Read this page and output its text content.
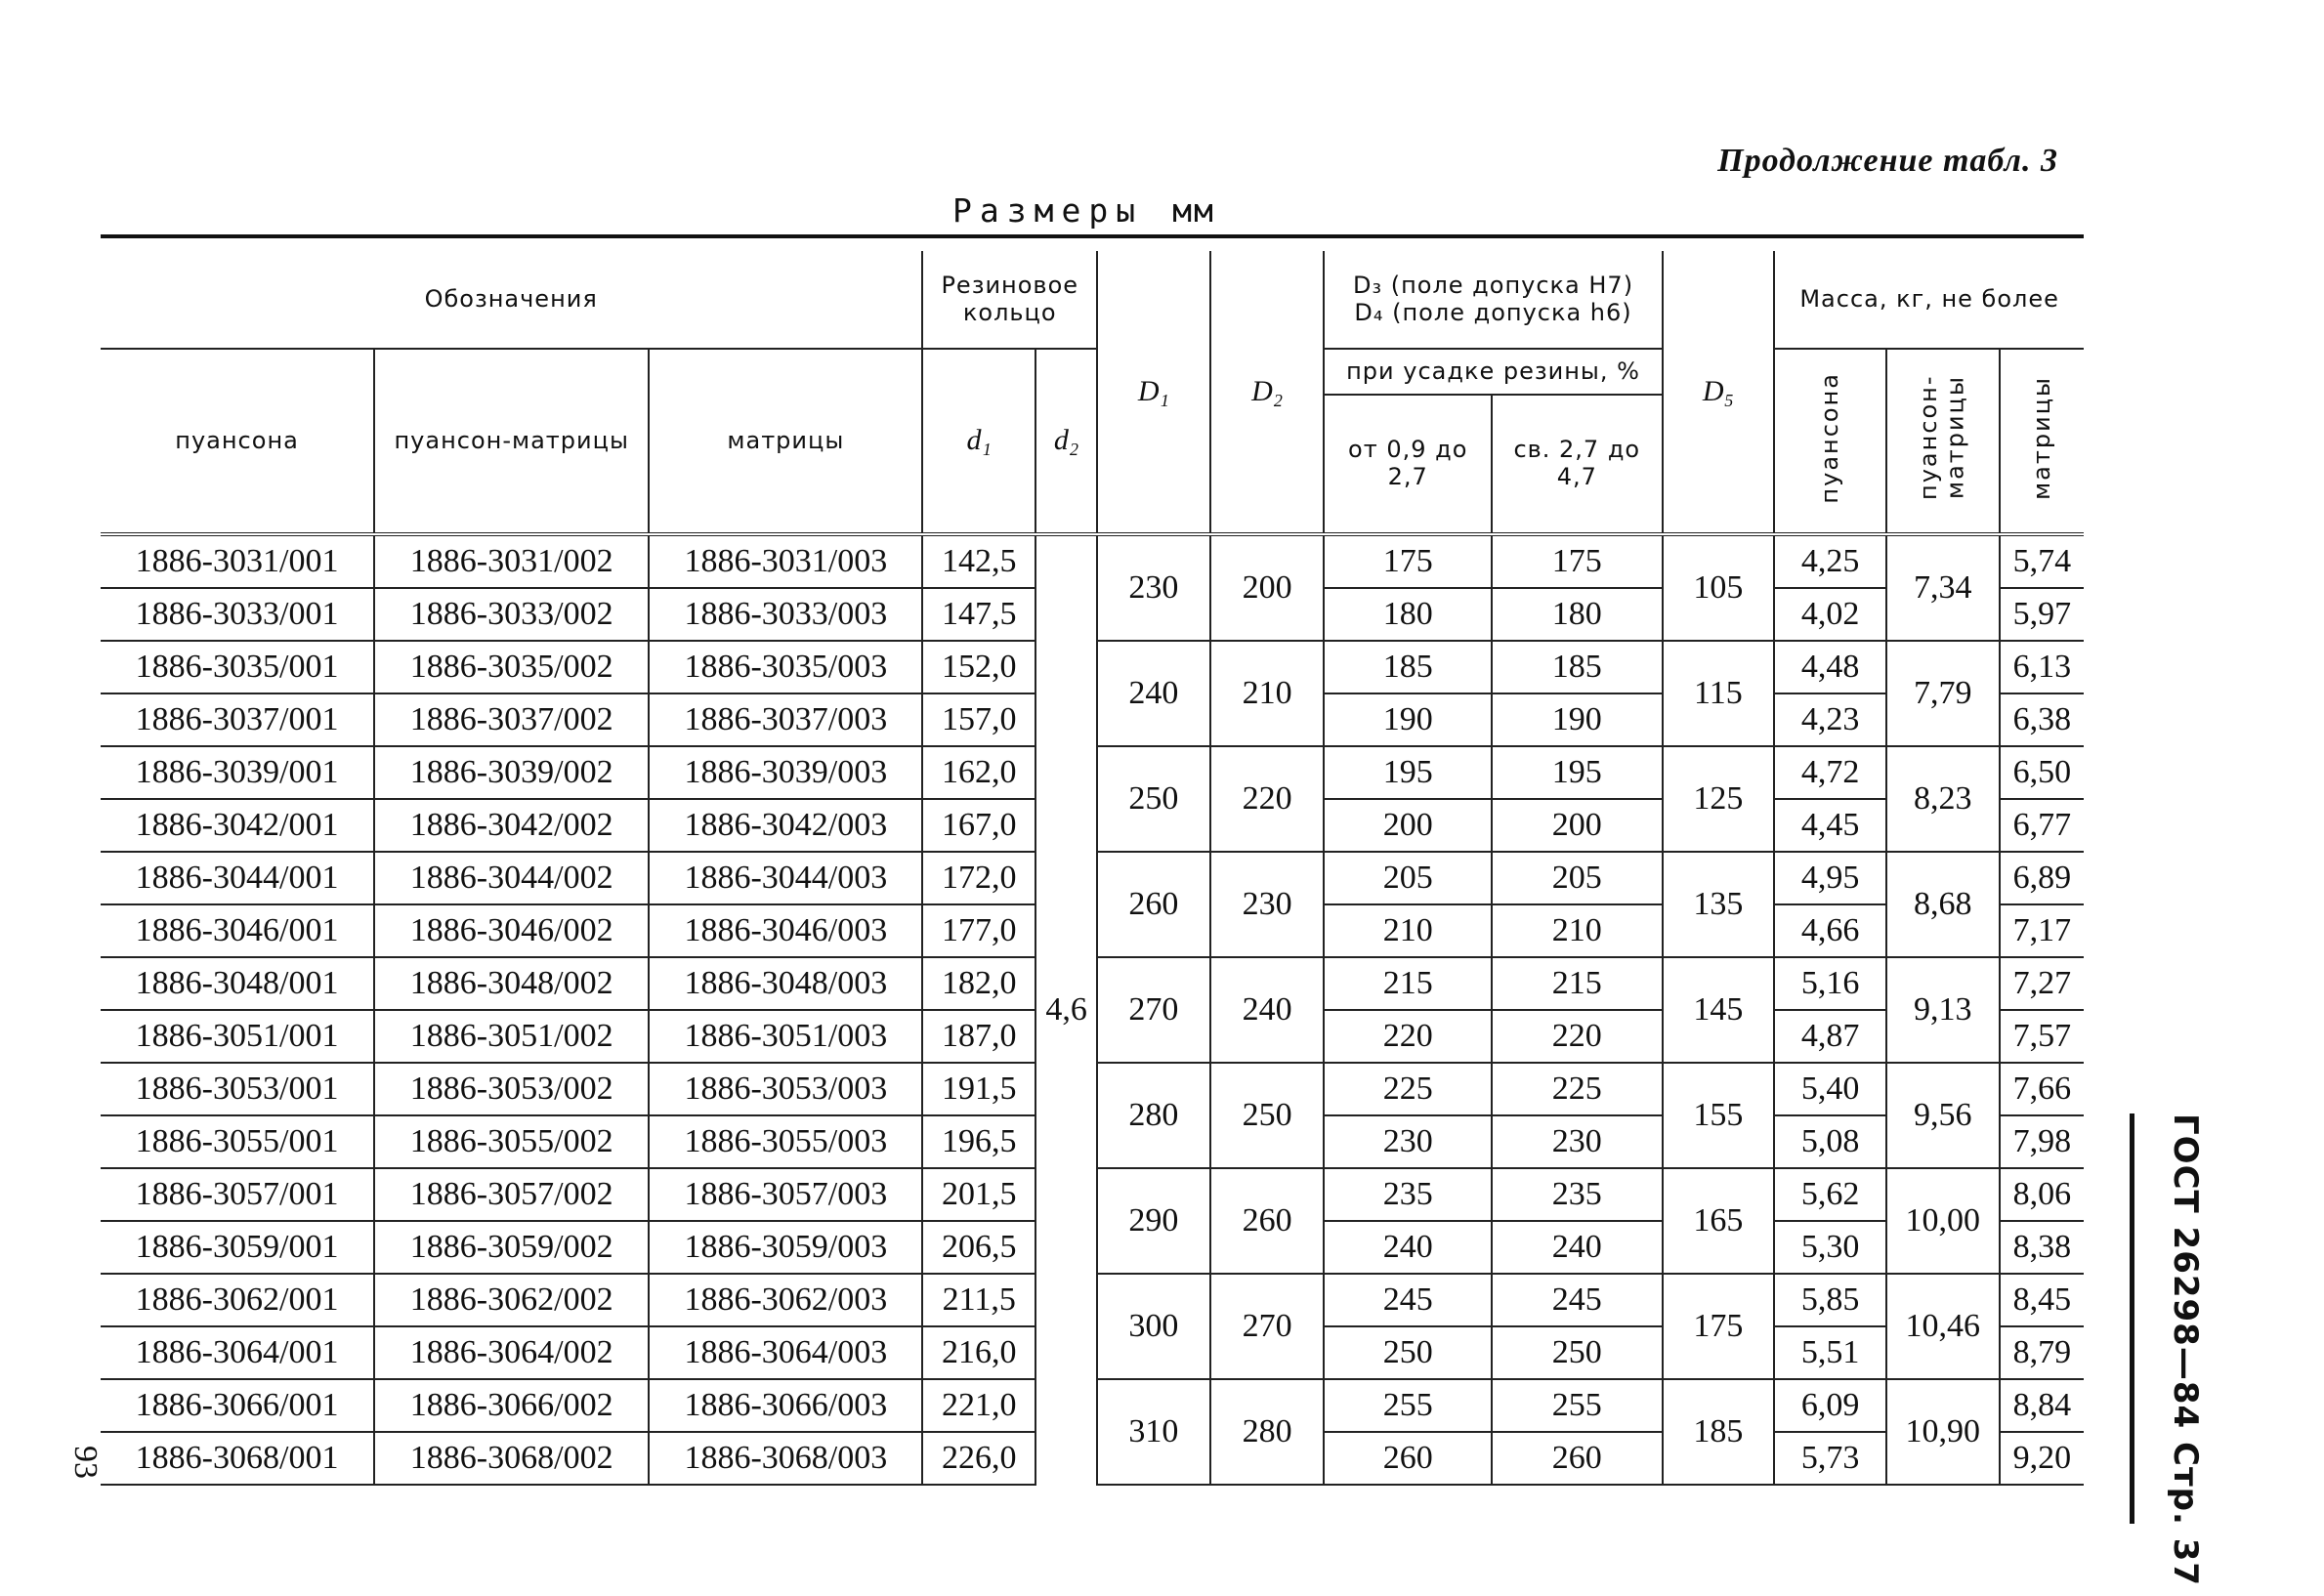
Продолжение табл. 3
Размеры мм
Обозначения			Резиновое кольцо		D₁	D₂	D₃ (поле допуска H7)
D₄ (поле допуска h6)		D₅	Масса, кг, не более		
пуансона	пуансон-матрицы	матрицы	d₁	d₂			при усадке резины, %			пуансона	пуансон-матрицы	матрицы
							от 0,9 до 2,7	св. 2,7 до 4,7				
1886-3031/001	1886-3031/002	1886-3031/003	142,5	4,6	230	200	175	175	105	4,25	7,34	5,74
1886-3033/001	1886-3033/002	1886-3033/003	147,5				180	180		4,02		5,97
1886-3035/001	1886-3035/002	1886-3035/003	152,0		240	210	185	185	115	4,48	7,79	6,13
1886-3037/001	1886-3037/002	1886-3037/003	157,0				190	190		4,23		6,38
1886-3039/001	1886-3039/002	1886-3039/003	162,0		250	220	195	195	125	4,72	8,23	6,50
1886-3042/001	1886-3042/002	1886-3042/003	167,0				200	200		4,45		6,77
1886-3044/001	1886-3044/002	1886-3044/003	172,0		260	230	205	205	135	4,95	8,68	6,89
1886-3046/001	1886-3046/002	1886-3046/003	177,0				210	210		4,66		7,17
1886-3048/001	1886-3048/002	1886-3048/003	182,0		270	240	215	215	145	5,16	9,13	7,27
1886-3051/001	1886-3051/002	1886-3051/003	187,0				220	220		4,87		7,57
1886-3053/001	1886-3053/002	1886-3053/003	191,5		280	250	225	225	155	5,40	9,56	7,66
1886-3055/001	1886-3055/002	1886-3055/003	196,5				230	230		5,08		7,98
1886-3057/001	1886-3057/002	1886-3057/003	201,5		290	260	235	235	165	5,62	10,00	8,06
1886-3059/001	1886-3059/002	1886-3059/003	206,5				240	240		5,30		8,38
1886-3062/001	1886-3062/002	1886-3062/003	211,5		300	270	245	245	175	5,85	10,46	8,45
1886-3064/001	1886-3064/002	1886-3064/003	216,0				250	250		5,51		8,79
1886-3066/001	1886-3066/002	1886-3066/003	221,0		310	280	255	255	185	6,09	10,90	8,84
1886-3068/001	1886-3068/002	1886-3068/003	226,0				260	260		5,73		9,20	ГОСТ 26298—84 Стр. 37
93
